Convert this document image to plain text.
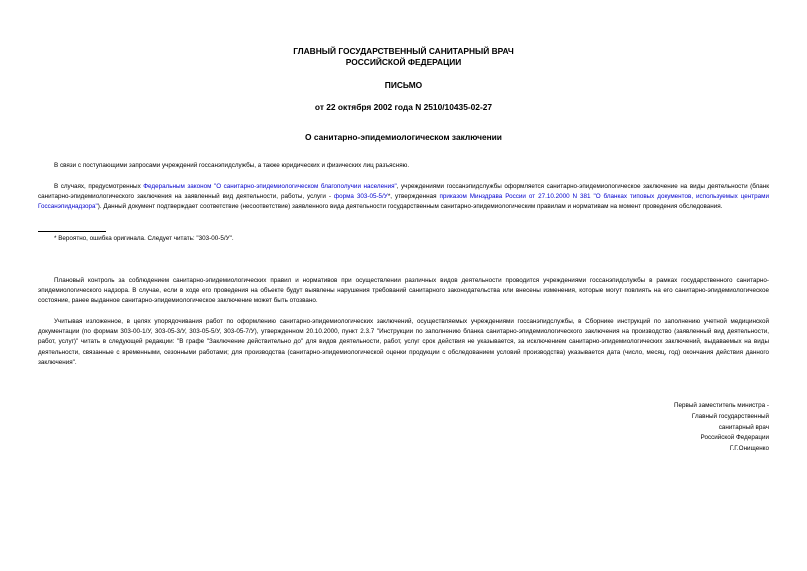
ГЛАВНЫЙ ГОСУДАРСТВЕННЫЙ САНИТАРНЫЙ ВРАЧ
РОССИЙСКОЙ ФЕДЕРАЦИИ
ПИСЬМО
от 22 октября 2002 года N 2510/10435-02-27
О санитарно-эпидемиологическом заключении
В связи с поступающими запросами учреждений госсанэпидслужбы, а также юридических и физических лиц разъясняю.
В случаях, предусмотренных Федеральным законом "О санитарно-эпидемиологическом благополучии населения", учреждениями госсанэпидслужбы оформляется санитарно-эпидемиологическое заключение на виды деятельности (бланк санитарно-эпидемиологического заключения на заявленный вид деятельности, работы, услуги - форма 303-05-5/У*, утвержденная приказом Минздрава России от 27.10.2000 N 381 "О бланках типовых документов, используемых центрами Госсанэпиднадзора"). Данный документ подтверждает соответствие (несоответствие) заявленного вида деятельности государственным санитарно-эпидемиологическим правилам и нормативам на момент проведения обследования.
* Вероятно, ошибка оригинала. Следует читать: "303-00-5/У".
Плановый контроль за соблюдением санитарно-эпидемиологических правил и нормативов при осуществлении различных видов деятельности проводится учреждениями госсанэпидслужбы в рамках государственного санитарно-эпидемиологического надзора. В случае, если в ходе его проведения на объекте будут выявлены нарушения требований санитарного законодательства или внесены изменения, которые могут повлиять на его санитарно-эпидемиологическое состояние, ранее выданное санитарно-эпидемиологическое заключение может быть отозвано.
Учитывая изложенное, в целях упорядочивания работ по оформлению санитарно-эпидемиологических заключений, осуществляемых учреждениями госсанэпидслужбы, в Сборнике инструкций по заполнению учетной медицинской документации (по формам 303-00-1/У, 303-05-3/У, 303-05-5/У, 303-05-7/У), утвержденном 20.10.2000, пункт 2.3.7 "Инструкции по заполнению бланка санитарно-эпидемиологического заключения на производство (заявленный вид деятельности, работ, услуг)" читать в следующей редакции: "В графе "Заключение действительно до" для видов деятельности, работ, услуг срок действия не указывается, за исключением санитарно-эпидемиологических заключений, выдаваемых на виды деятельности, связанные с временными, сезонными работами; для производства (санитарно-эпидемиологической оценки продукции с обследованием условий производства) указывается дата (число, месяц, год) окончания действия данного заключения".
Первый заместитель министра -
Главный государственный
санитарный врач
Российской Федерации
Г.Г.Онищенко
